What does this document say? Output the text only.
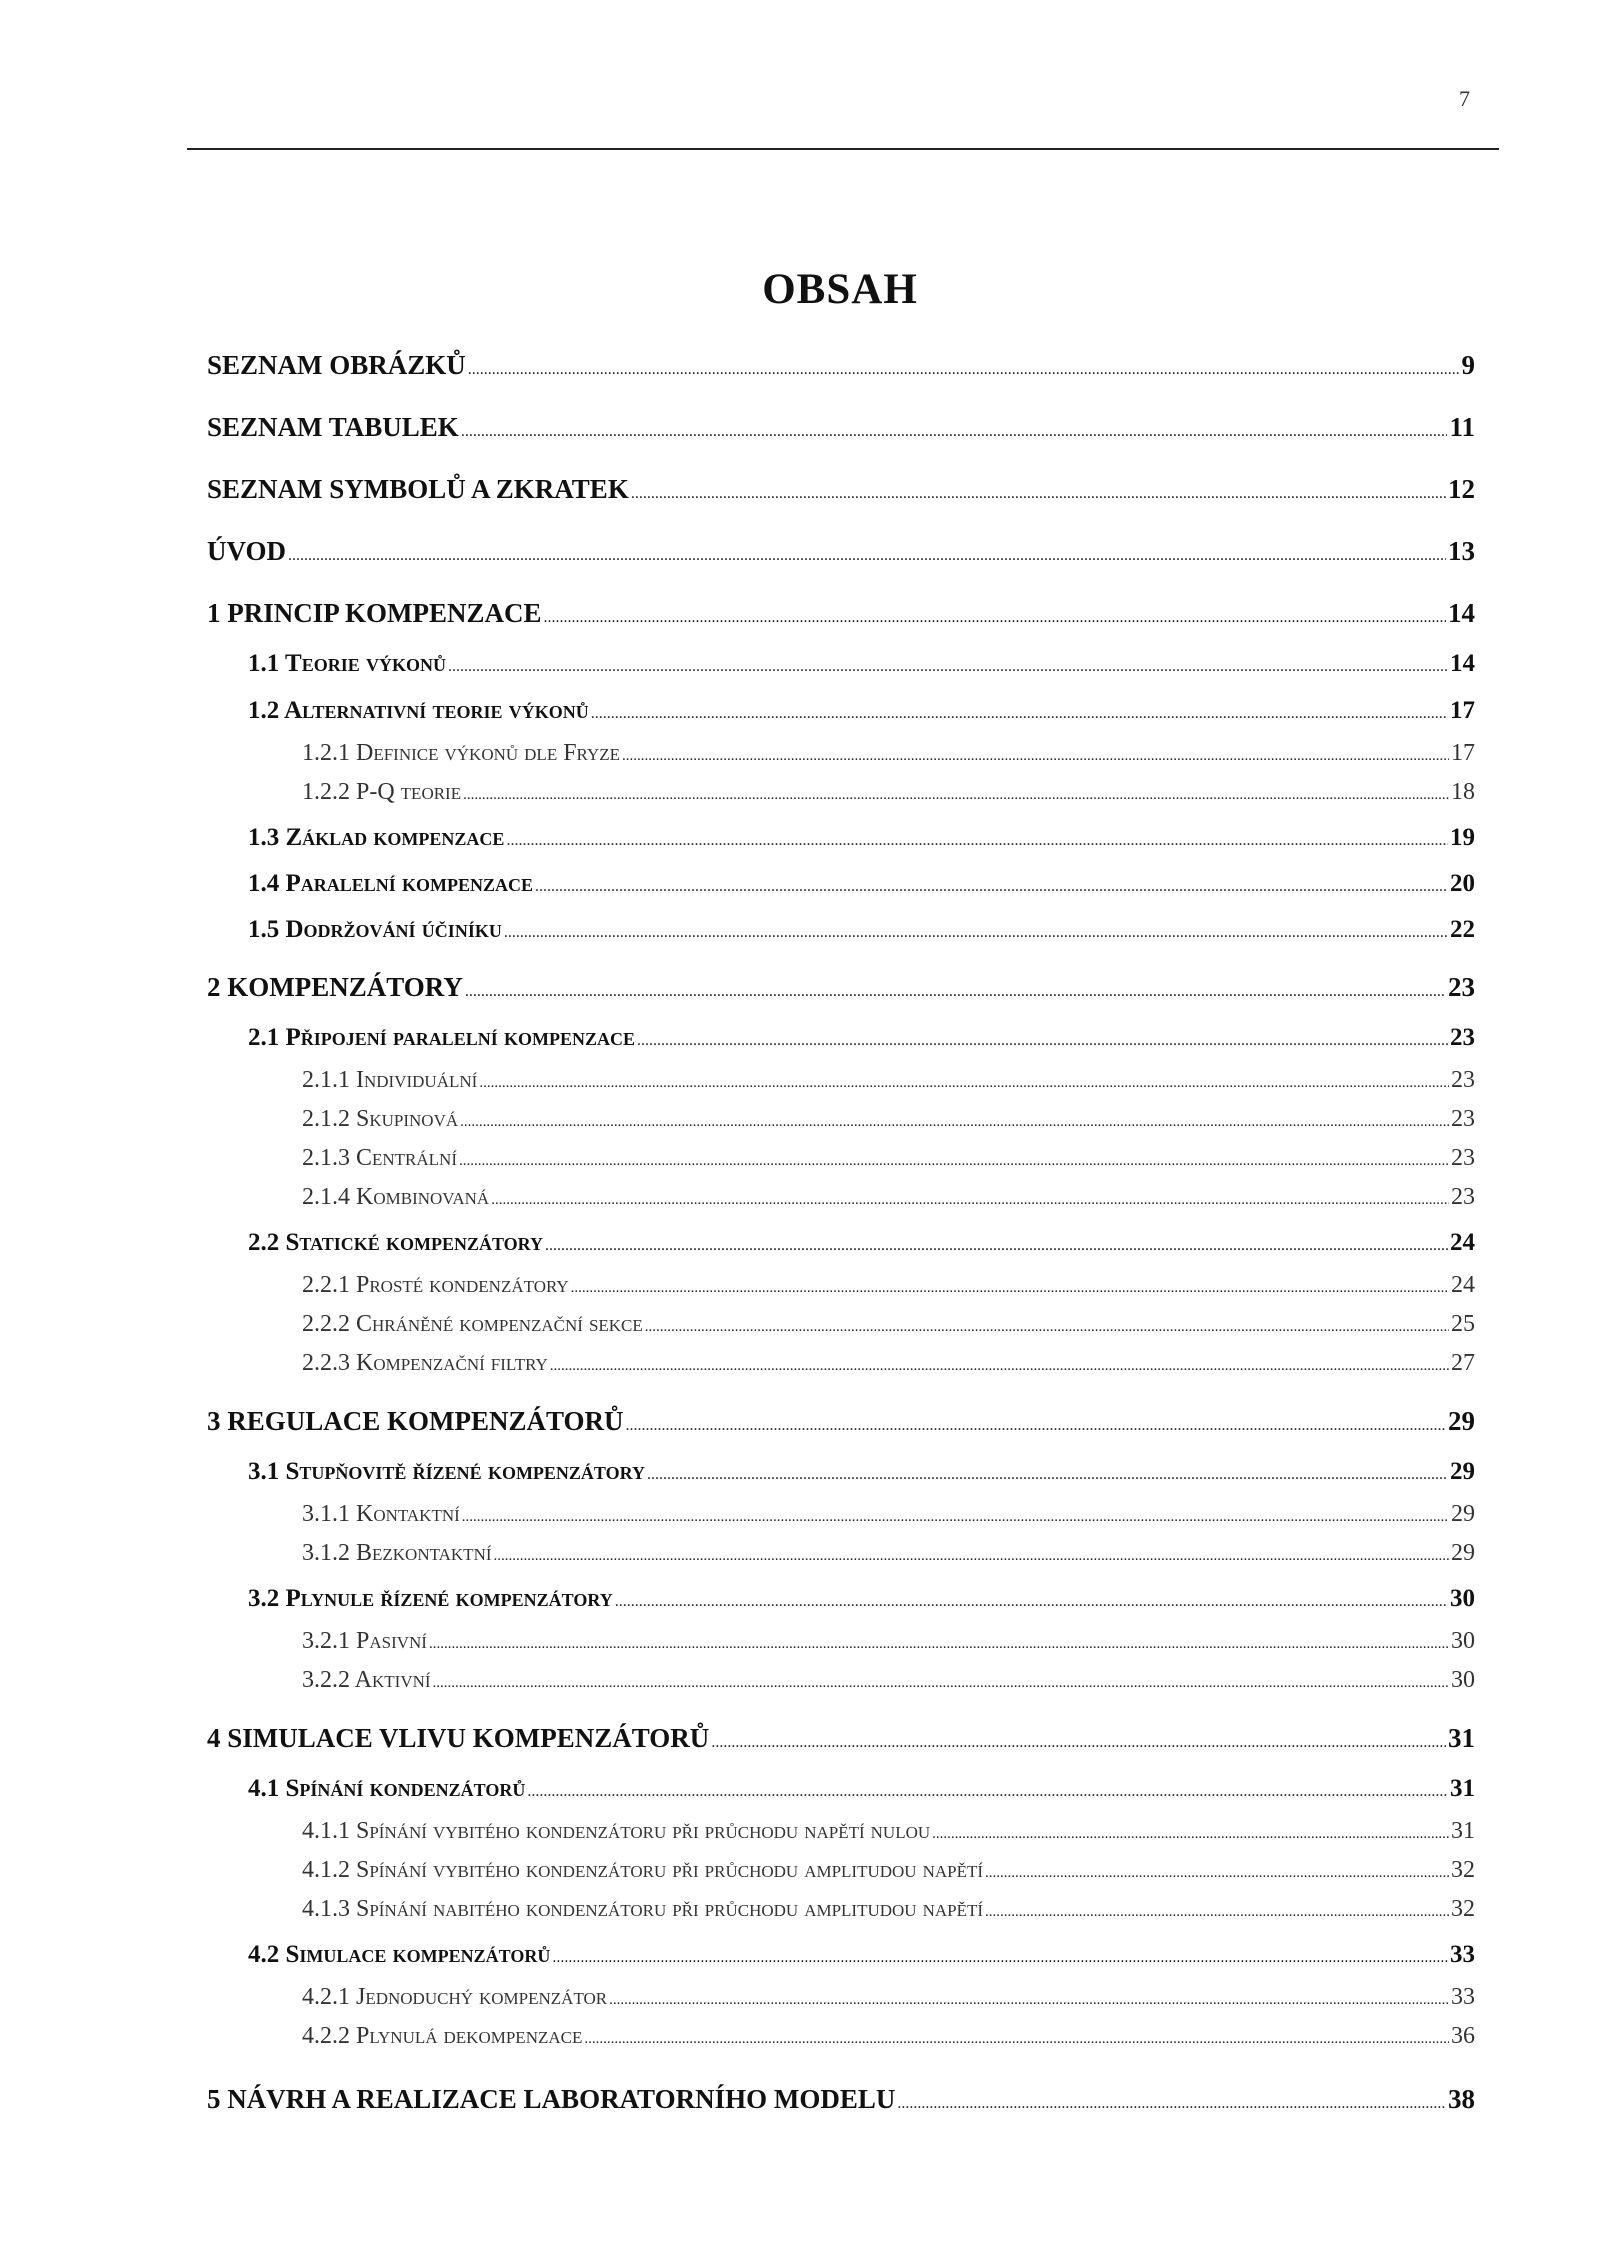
7
OBSAH
SEZNAM OBRÁZKŮ .....	9
SEZNAM TABULEK .....	11
SEZNAM SYMBOLŮ A ZKRATEK .....	12
ÚVOD .....	13
1 PRINCIP KOMPENZACE .....	14
1.1 Teorie výkonů .....	14
1.2 Alternativní teorie výkonů .....	17
1.2.1 Definice výkonů dle Fryze .....	17
1.2.2 P-Q teorie .....	18
1.3 Základ kompenzace .....	19
1.4 Paralelní kompenzace .....	20
1.5 Dodržování účiníku .....	22
2 KOMPENZÁTORY .....	23
2.1 Připojení paralelní kompenzace .....	23
2.1.1 Individuální .....	23
2.1.2 Skupinová .....	23
2.1.3 Centrální .....	23
2.1.4 Kombinovaná .....	23
2.2 Statické kompenzátory .....	24
2.2.1 Prosté kondenzátory .....	24
2.2.2 Chráněné kompenzační sekce .....	25
2.2.3 Kompenzační filtry .....	27
3 REGULACE KOMPENZÁTORŮ .....	29
3.1 Stupňovitě řízené kompenzátory .....	29
3.1.1 Kontaktní .....	29
3.1.2 Bezkontaktní .....	29
3.2 Plynule řízené kompenzátory .....	30
3.2.1 Pasivní .....	30
3.2.2 Aktivní .....	30
4 SIMULACE VLIVU KOMPENZÁTORŮ .....	31
4.1 Spínání kondenzátorů .....	31
4.1.1 Spínání vybitého kondenzátoru při průchodu napětí nulou .....	31
4.1.2 Spínání vybitého kondenzátoru při průchodu amplitudou napětí .....	32
4.1.3 Spínání nabitého kondenzátoru při průchodu amplitudou napětí .....	32
4.2 Simulace kompenzátorů .....	33
4.2.1 Jednoduchý kompenzátor .....	33
4.2.2 Plynulá dekompenzace .....	36
5 NÁVRH A REALIZACE LABORATORNÍHO MODELU .....	38
